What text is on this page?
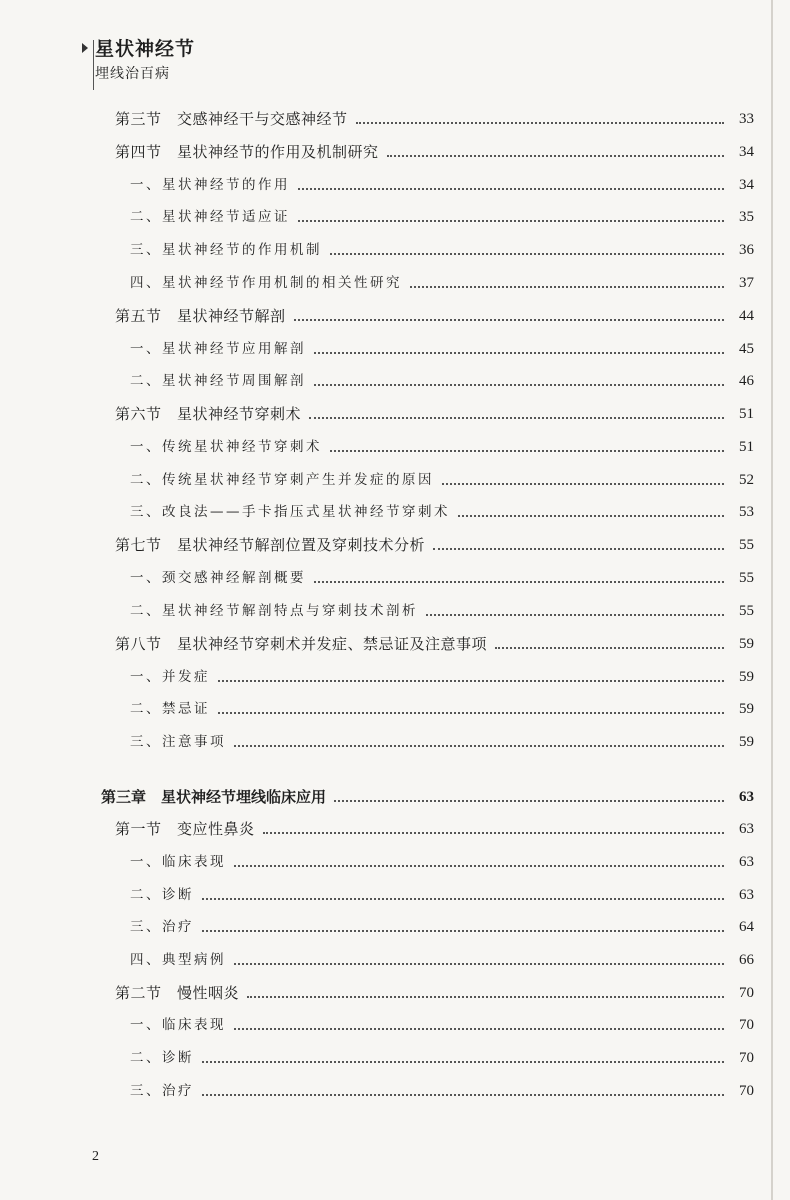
星状神经节
埋线治百病
第三节　交感神经干与交感神经节	33
第四节　星状神经节的作用及机制研究	34
一、星状神经节的作用	34
二、星状神经节适应证	35
三、星状神经节的作用机制	36
四、星状神经节作用机制的相关性研究	37
第五节　星状神经节解剖	44
一、星状神经节应用解剖	45
二、星状神经节周围解剖	46
第六节　星状神经节穿刺术	51
一、传统星状神经节穿刺术	51
二、传统星状神经节穿刺产生并发症的原因	52
三、改良法——手卡指压式星状神经节穿刺术	53
第七节　星状神经节解剖位置及穿刺技术分析	55
一、颈交感神经解剖概要	55
二、星状神经节解剖特点与穿刺技术剖析	55
第八节　星状神经节穿刺术并发症、禁忌证及注意事项	59
一、并发症	59
二、禁忌证	59
三、注意事项	59
第三章　星状神经节埋线临床应用	63
第一节　变应性鼻炎	63
一、临床表现	63
二、诊断	63
三、治疗	64
四、典型病例	66
第二节　慢性咽炎	70
一、临床表现	70
二、诊断	70
三、治疗	70
2
